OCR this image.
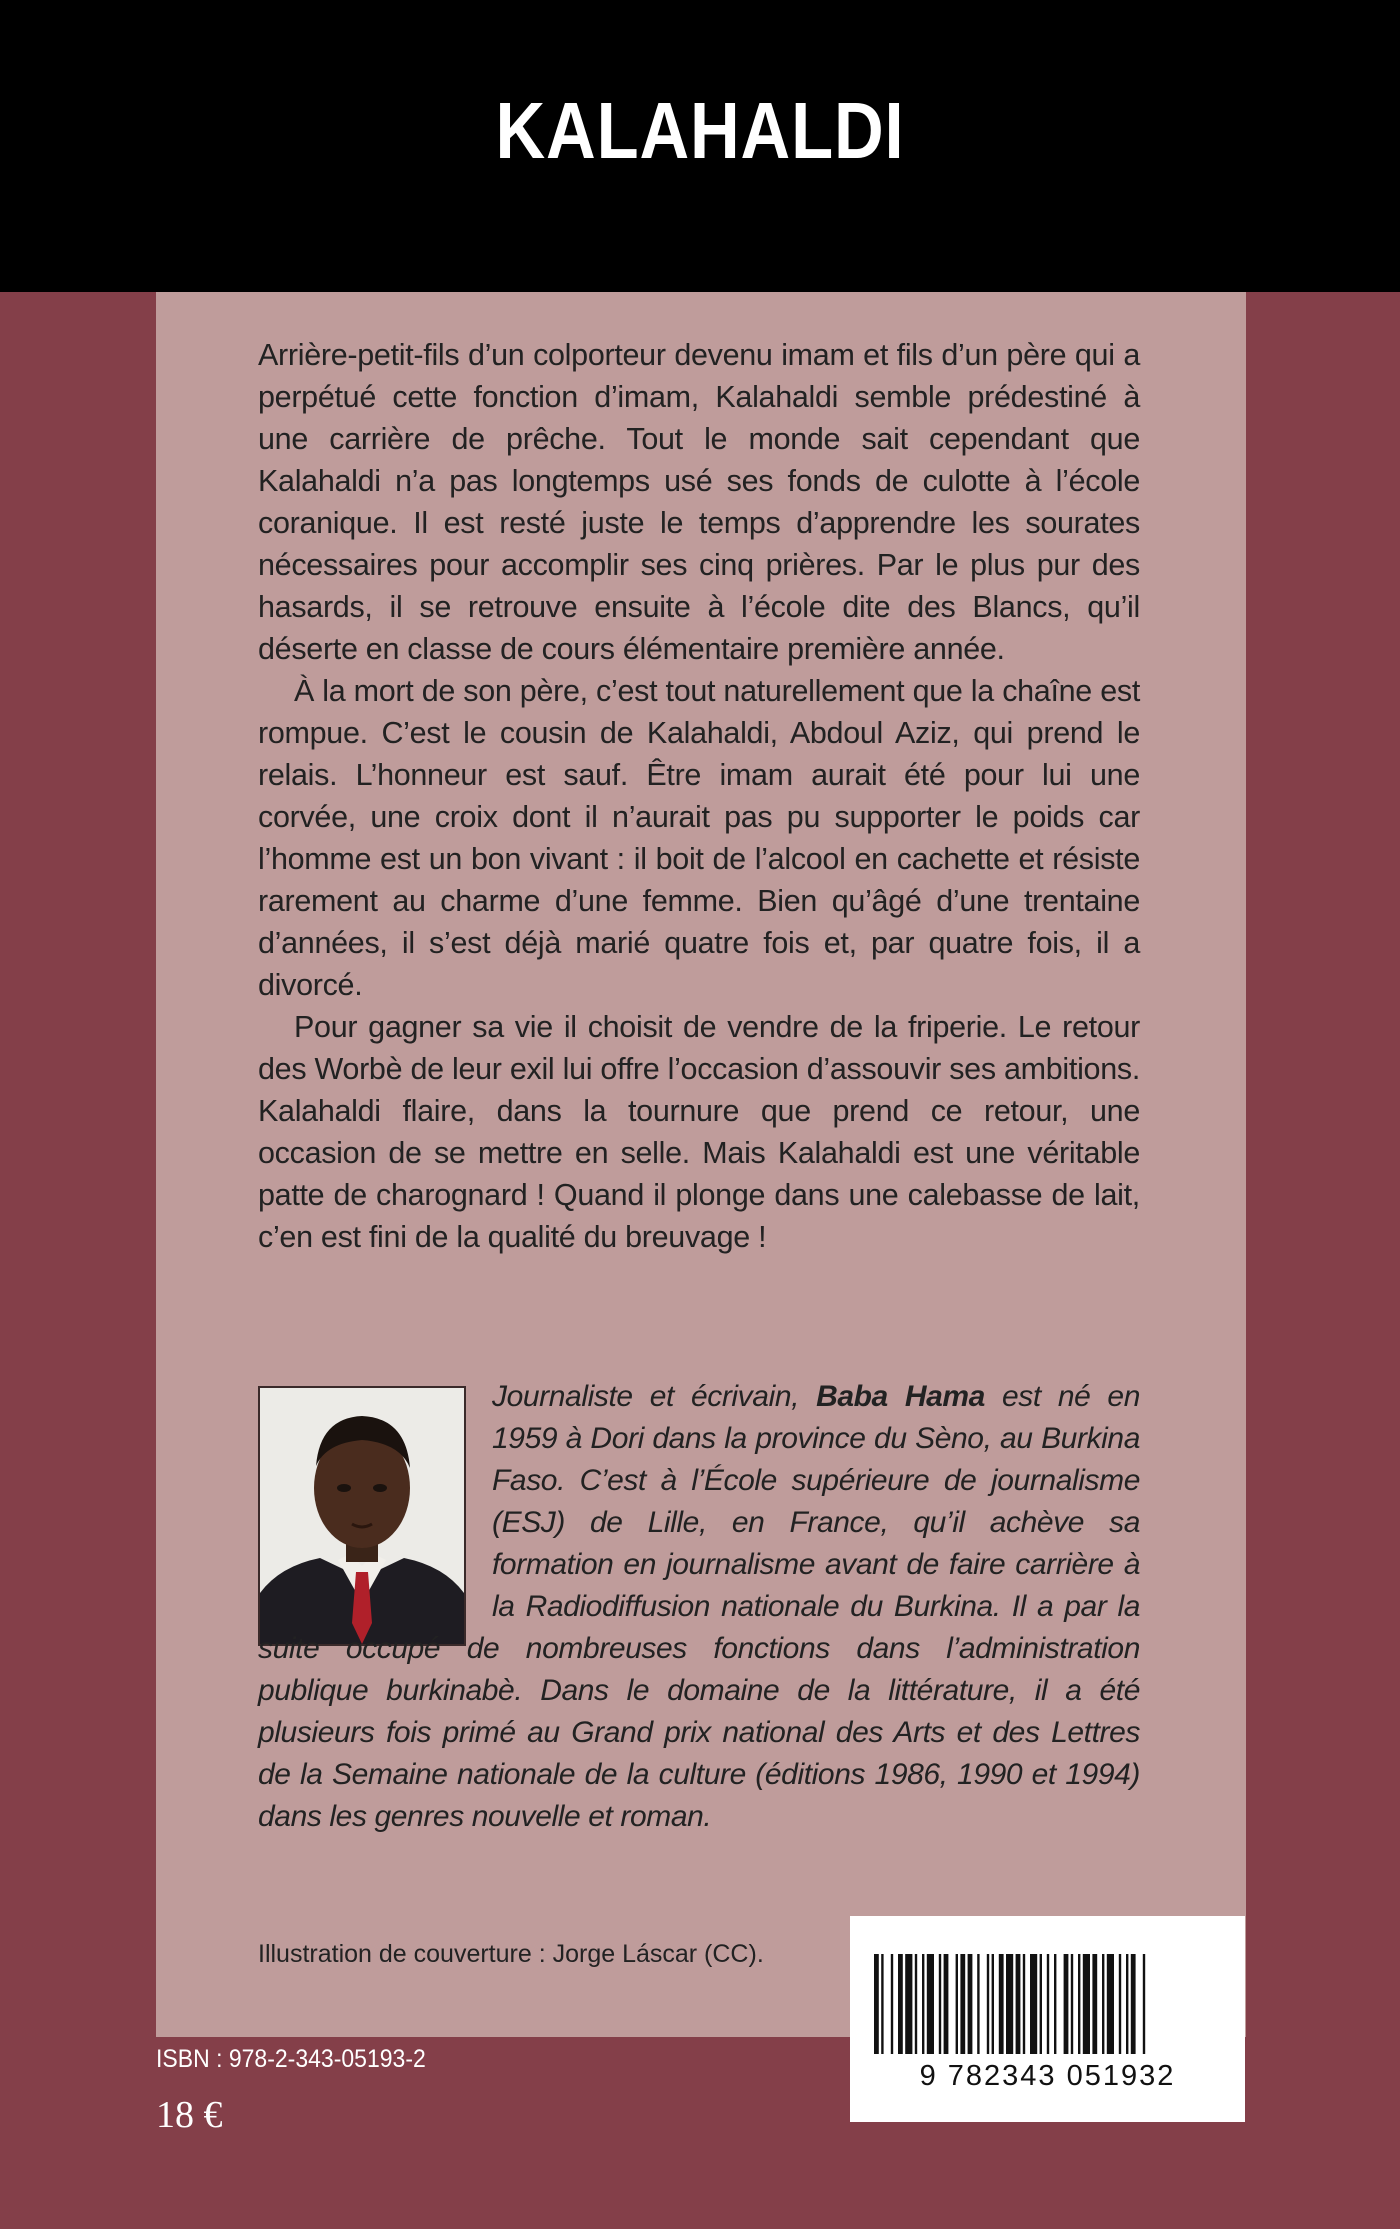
KALAHALDI

Arrière-petit-fils d’un colporteur devenu imam et fils d’un père qui a perpétué cette fonction d’imam, Kalahaldi semble prédestiné à une carrière de prêche. Tout le monde sait cependant que Kalahaldi n’a pas longtemps usé ses fonds de culotte à l’école coranique. Il est resté juste le temps d’apprendre les sourates nécessaires pour accomplir ses cinq prières. Par le plus pur des hasards, il se retrouve ensuite à l’école dite des Blancs, qu’il déserte en classe de cours élémentaire première année.

À la mort de son père, c’est tout naturellement que la chaîne est rompue. C’est le cousin de Kalahaldi, Abdoul Aziz, qui prend le relais. L’honneur est sauf. Être imam aurait été pour lui une corvée, une croix dont il n’aurait pas pu supporter le poids car l’homme est un bon vivant : il boit de l’alcool en cachette et résiste rarement au charme d’une femme. Bien qu’âgé d’une trentaine d’années, il s’est déjà marié quatre fois et, par quatre fois, il a divorcé.

Pour gagner sa vie il choisit de vendre de la friperie. Le retour des Worbè de leur exil lui offre l’occasion d’assouvir ses ambitions. Kalahaldi flaire, dans la tournure que prend ce retour, une occasion de se mettre en selle. Mais Kalahaldi est une véritable patte de charognard ! Quand il plonge dans une calebasse de lait, c’en est fini de la qualité du breuvage !

Journaliste et écrivain, Baba Hama est né en 1959 à Dori dans la province du Sèno, au Burkina Faso. C’est à l’École supérieure de journalisme (ESJ) de Lille, en France, qu’il achève sa formation en journalisme avant de faire carrière à la Radiodiffusion nationale du Burkina. Il a par la suite occupé de nombreuses fonctions dans l’administration publique burkinabè. Dans le domaine de la littérature, il a été plusieurs fois primé au Grand prix national des Arts et des Lettres de la Semaine nationale de la culture (éditions 1986, 1990 et 1994) dans les genres nouvelle et roman.
Illustration de couverture : Jorge Láscar (CC).
9 782343 051932
ISBN : 978-2-343-05193-2
18 €
